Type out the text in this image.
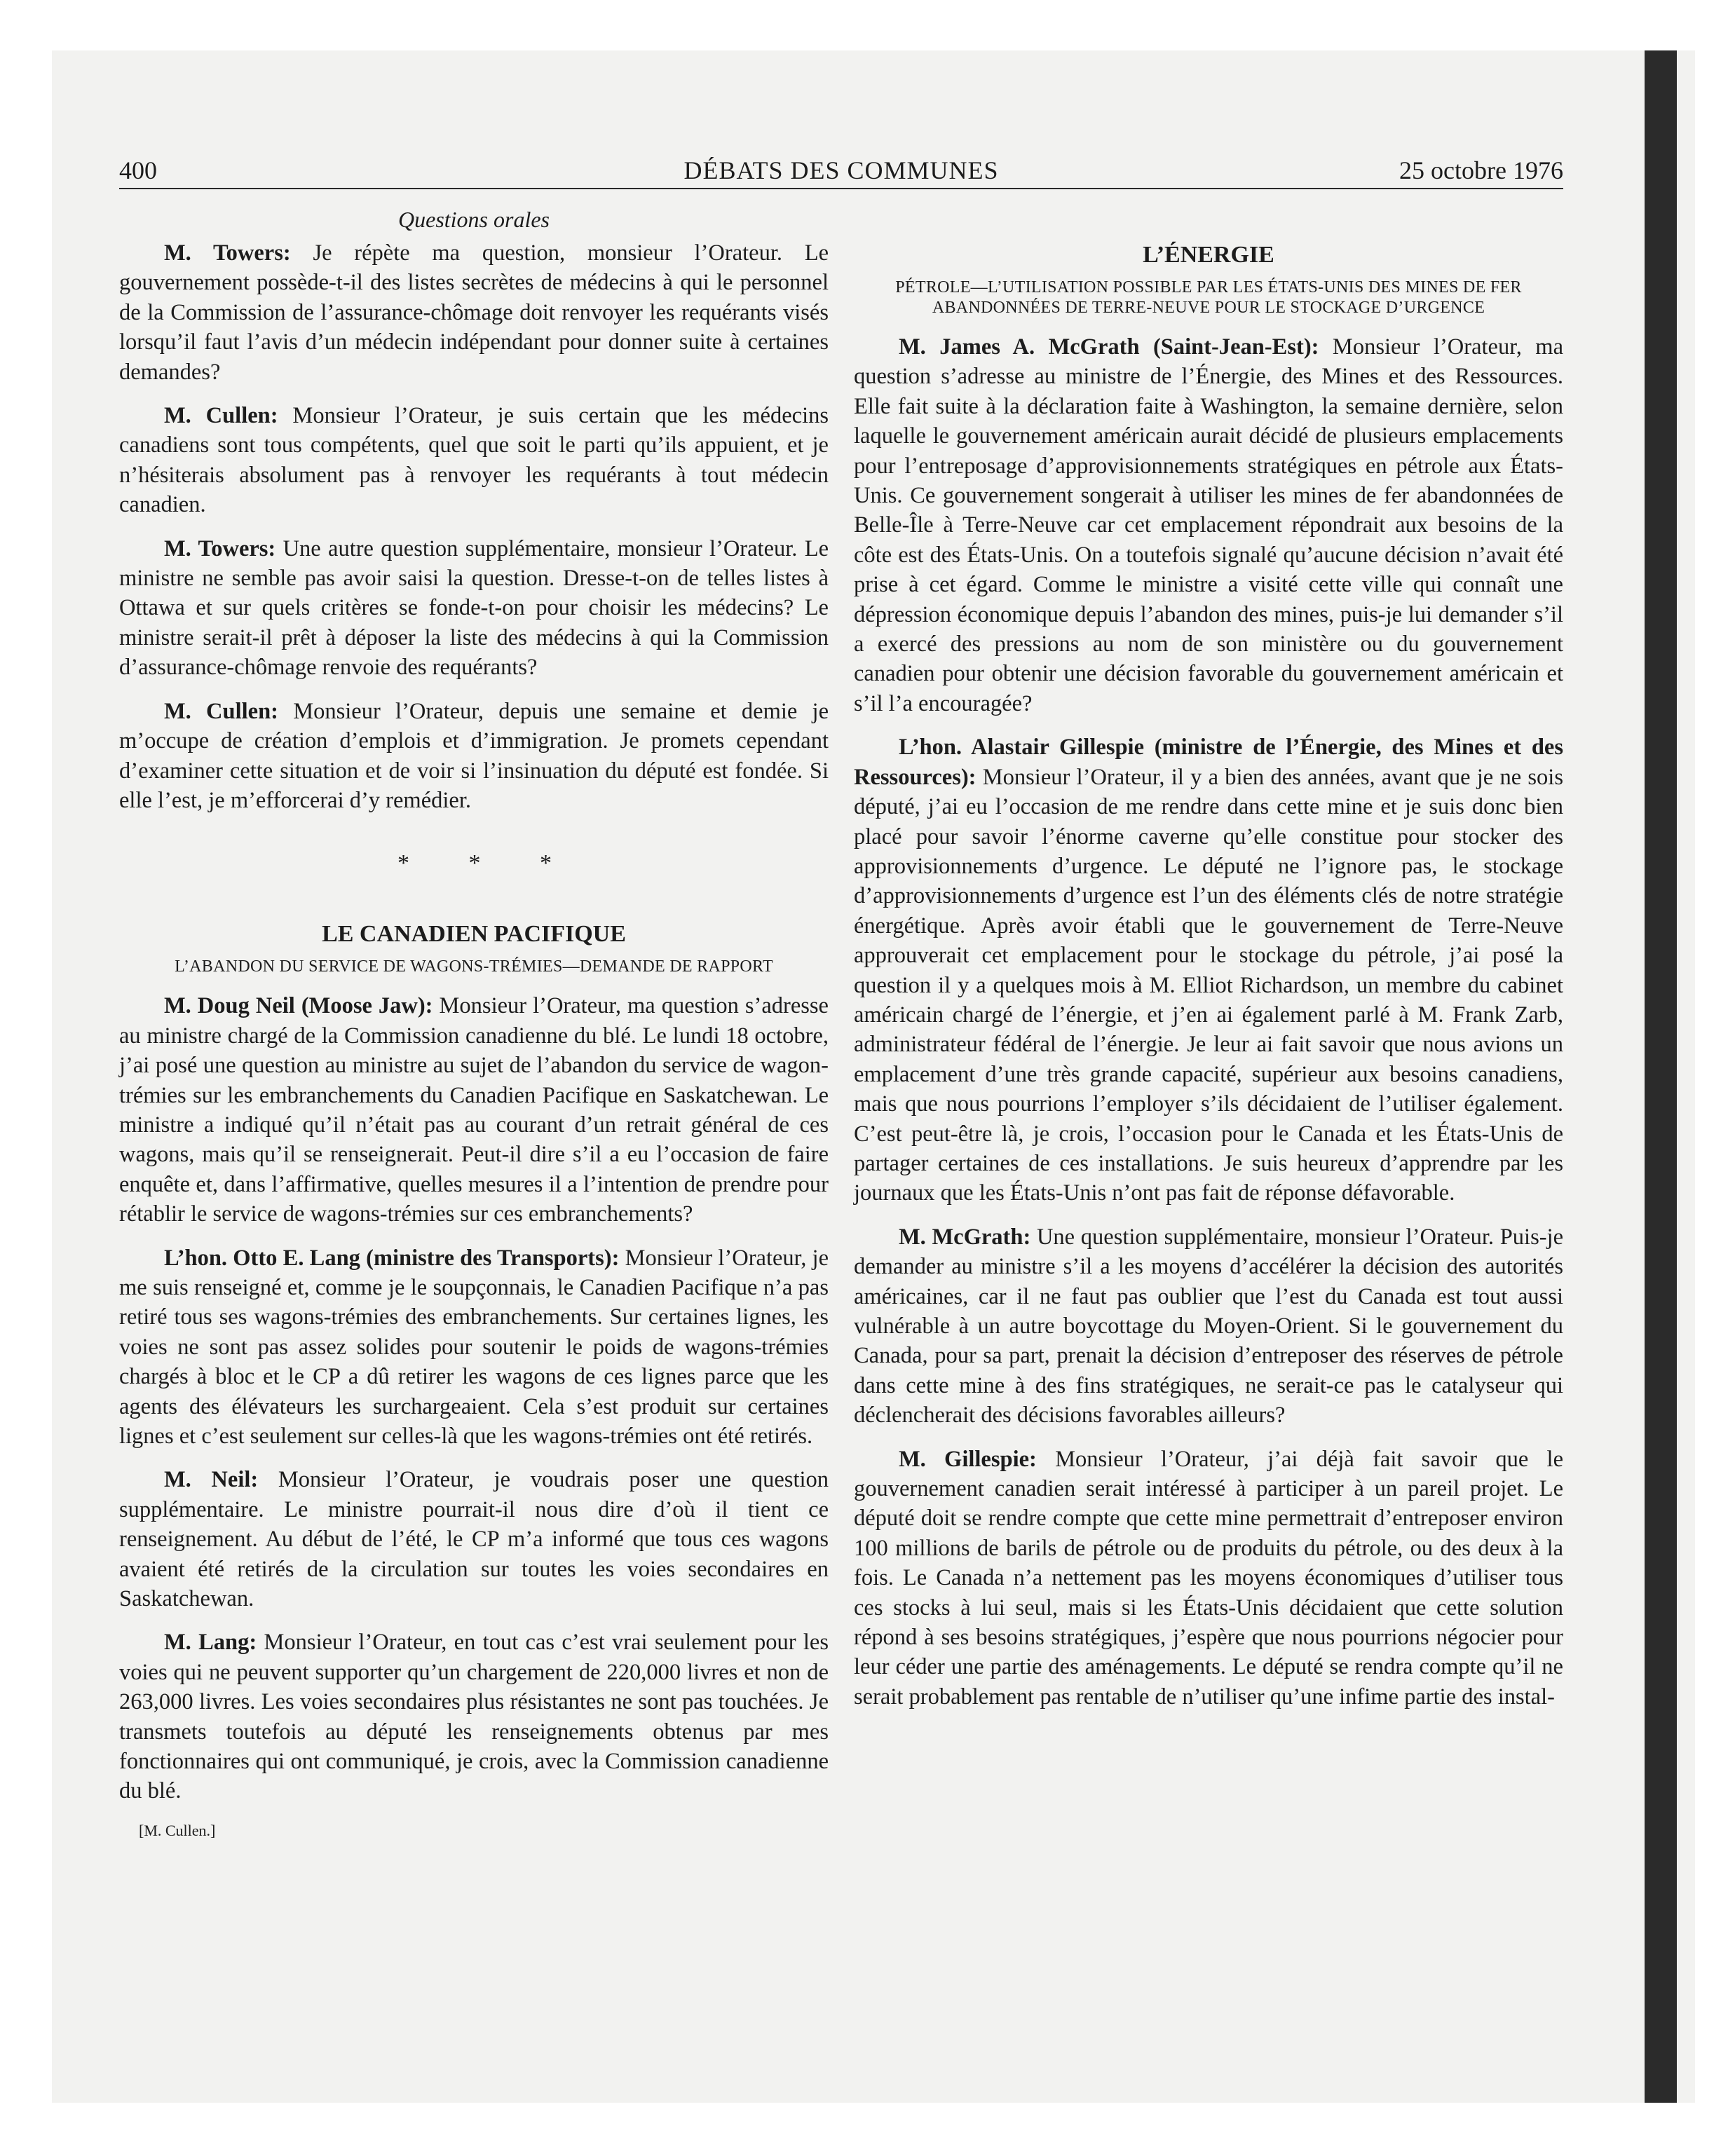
400	DÉBATS DES COMMUNES	25 octobre 1976
Questions orales

M. Towers: Je répète ma question, monsieur l’Orateur. Le gouvernement possède-t-il des listes secrètes de médecins à qui le personnel de la Commission de l’assurance-chômage doit renvoyer les requérants visés lorsqu’il faut l’avis d’un médecin indépendant pour donner suite à certaines demandes?

M. Cullen: Monsieur l’Orateur, je suis certain que les médecins canadiens sont tous compétents, quel que soit le parti qu’ils appuient, et je n’hésiterais absolument pas à renvoyer les requérants à tout médecin canadien.

M. Towers: Une autre question supplémentaire, monsieur l’Orateur. Le ministre ne semble pas avoir saisi la question. Dresse-t-on de telles listes à Ottawa et sur quels critères se fonde-t-on pour choisir les médecins? Le ministre serait-il prêt à déposer la liste des médecins à qui la Commission d’assurance-chômage renvoie des requérants?

M. Cullen: Monsieur l’Orateur, depuis une semaine et demie je m’occupe de création d’emplois et d’immigration. Je promets cependant d’examiner cette situation et de voir si l’insinuation du député est fondée. Si elle l’est, je m’efforcerai d’y remédier.

* * *
LE CANADIEN PACIFIQUE
L’ABANDON DU SERVICE DE WAGONS-TRÉMIES—DEMANDE DE RAPPORT

M. Doug Neil (Moose Jaw): Monsieur l’Orateur, ma question s’adresse au ministre chargé de la Commission canadienne du blé. Le lundi 18 octobre, j’ai posé une question au ministre au sujet de l’abandon du service de wagon-trémies sur les embranchements du Canadien Pacifique en Saskatchewan. Le ministre a indiqué qu’il n’était pas au courant d’un retrait général de ces wagons, mais qu’il se renseignerait. Peut-il dire s’il a eu l’occasion de faire enquête et, dans l’affirmative, quelles mesures il a l’intention de prendre pour rétablir le service de wagons-trémies sur ces embranchements?

L’hon. Otto E. Lang (ministre des Transports): Monsieur l’Orateur, je me suis renseigné et, comme je le soupçonnais, le Canadien Pacifique n’a pas retiré tous ses wagons-trémies des embranchements. Sur certaines lignes, les voies ne sont pas assez solides pour soutenir le poids de wagons-trémies chargés à bloc et le CP a dû retirer les wagons de ces lignes parce que les agents des élévateurs les surchargeaient. Cela s’est produit sur certaines lignes et c’est seulement sur celles-là que les wagons-trémies ont été retirés.

M. Neil: Monsieur l’Orateur, je voudrais poser une question supplémentaire. Le ministre pourrait-il nous dire d’où il tient ce renseignement. Au début de l’été, le CP m’a informé que tous ces wagons avaient été retirés de la circulation sur toutes les voies secondaires en Saskatchewan.

M. Lang: Monsieur l’Orateur, en tout cas c’est vrai seulement pour les voies qui ne peuvent supporter qu’un chargement de 220,000 livres et non de 263,000 livres. Les voies secondaires plus résistantes ne sont pas touchées. Je transmets toutefois au député les renseignements obtenus par mes fonctionnaires qui ont communiqué, je crois, avec la Commission canadienne du blé.

[M. Cullen.]
L’ÉNERGIE
PÉTROLE—L’UTILISATION POSSIBLE PAR LES ÉTATS-UNIS DES MINES DE FER ABANDONNÉES DE TERRE-NEUVE POUR LE STOCKAGE D’URGENCE

M. James A. McGrath (Saint-Jean-Est): Monsieur l’Orateur, ma question s’adresse au ministre de l’Énergie, des Mines et des Ressources. Elle fait suite à la déclaration faite à Washington, la semaine dernière, selon laquelle le gouvernement américain aurait décidé de plusieurs emplacements pour l’entreposage d’approvisionnements stratégiques en pétrole aux États-Unis. Ce gouvernement songerait à utiliser les mines de fer abandonnées de Belle-Île à Terre-Neuve car cet emplacement répondrait aux besoins de la côte est des États-Unis. On a toutefois signalé qu’aucune décision n’avait été prise à cet égard. Comme le ministre a visité cette ville qui connaît une dépression économique depuis l’abandon des mines, puis-je lui demander s’il a exercé des pressions au nom de son ministère ou du gouvernement canadien pour obtenir une décision favorable du gouvernement américain et s’il l’a encouragée?

L’hon. Alastair Gillespie (ministre de l’Énergie, des Mines et des Ressources): Monsieur l’Orateur, il y a bien des années, avant que je ne sois député, j’ai eu l’occasion de me rendre dans cette mine et je suis donc bien placé pour savoir l’énorme caverne qu’elle constitue pour stocker des approvisionnements d’urgence. Le député ne l’ignore pas, le stockage d’approvisionnements d’urgence est l’un des éléments clés de notre stratégie énergétique. Après avoir établi que le gouvernement de Terre-Neuve approuverait cet emplacement pour le stockage du pétrole, j’ai posé la question il y a quelques mois à M. Elliot Richardson, un membre du cabinet américain chargé de l’énergie, et j’en ai également parlé à M. Frank Zarb, administrateur fédéral de l’énergie. Je leur ai fait savoir que nous avions un emplacement d’une très grande capacité, supérieur aux besoins canadiens, mais que nous pourrions l’employer s’ils décidaient de l’utiliser également. C’est peut-être là, je crois, l’occasion pour le Canada et les États-Unis de partager certaines de ces installations. Je suis heureux d’apprendre par les journaux que les États-Unis n’ont pas fait de réponse défavorable.

M. McGrath: Une question supplémentaire, monsieur l’Orateur. Puis-je demander au ministre s’il a les moyens d’accélérer la décision des autorités américaines, car il ne faut pas oublier que l’est du Canada est tout aussi vulnérable à un autre boycottage du Moyen-Orient. Si le gouvernement du Canada, pour sa part, prenait la décision d’entreposer des réserves de pétrole dans cette mine à des fins stratégiques, ne serait-ce pas le catalyseur qui déclencherait des décisions favorables ailleurs?

M. Gillespie: Monsieur l’Orateur, j’ai déjà fait savoir que le gouvernement canadien serait intéressé à participer à un pareil projet. Le député doit se rendre compte que cette mine permettrait d’entreposer environ 100 millions de barils de pétrole ou de produits du pétrole, ou des deux à la fois. Le Canada n’a nettement pas les moyens économiques d’utiliser tous ces stocks à lui seul, mais si les États-Unis décidaient que cette solution répond à ses besoins stratégiques, j’espère que nous pourrions négocier pour leur céder une partie des aménagements. Le député se rendra compte qu’il ne serait probablement pas rentable de n’utiliser qu’une infime partie des instal-
